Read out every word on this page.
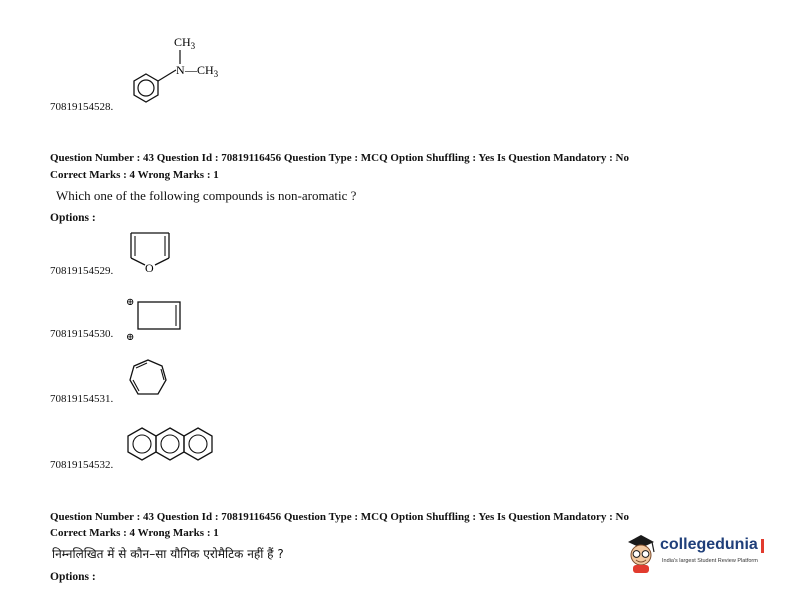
$CH_3$
N $—CH_3$
70819154528.
Question Number : 43 Question Id : 70819116456 Question Type : MCQ Option Shuffling : Yes Is Question Mandatory : No
Correct Marks : 4 Wrong Marks : 1
Which one of the following compounds is non-aromatic ?
Options :
O
70819154529.
⊕
⊕
70819154530.
70819154531.
70819154532.
Question Number : 43 Question Id : 70819116456 Question Type : MCQ Option Shuffling : Yes Is Question Mandatory : No
Correct Marks : 4 Wrong Marks : 1
निम्नलिखित में से कौन–सा यौगिक एरोमैटिक नहीं हैं ?
Options :
collegedunia
India's largest Student Review Platform
